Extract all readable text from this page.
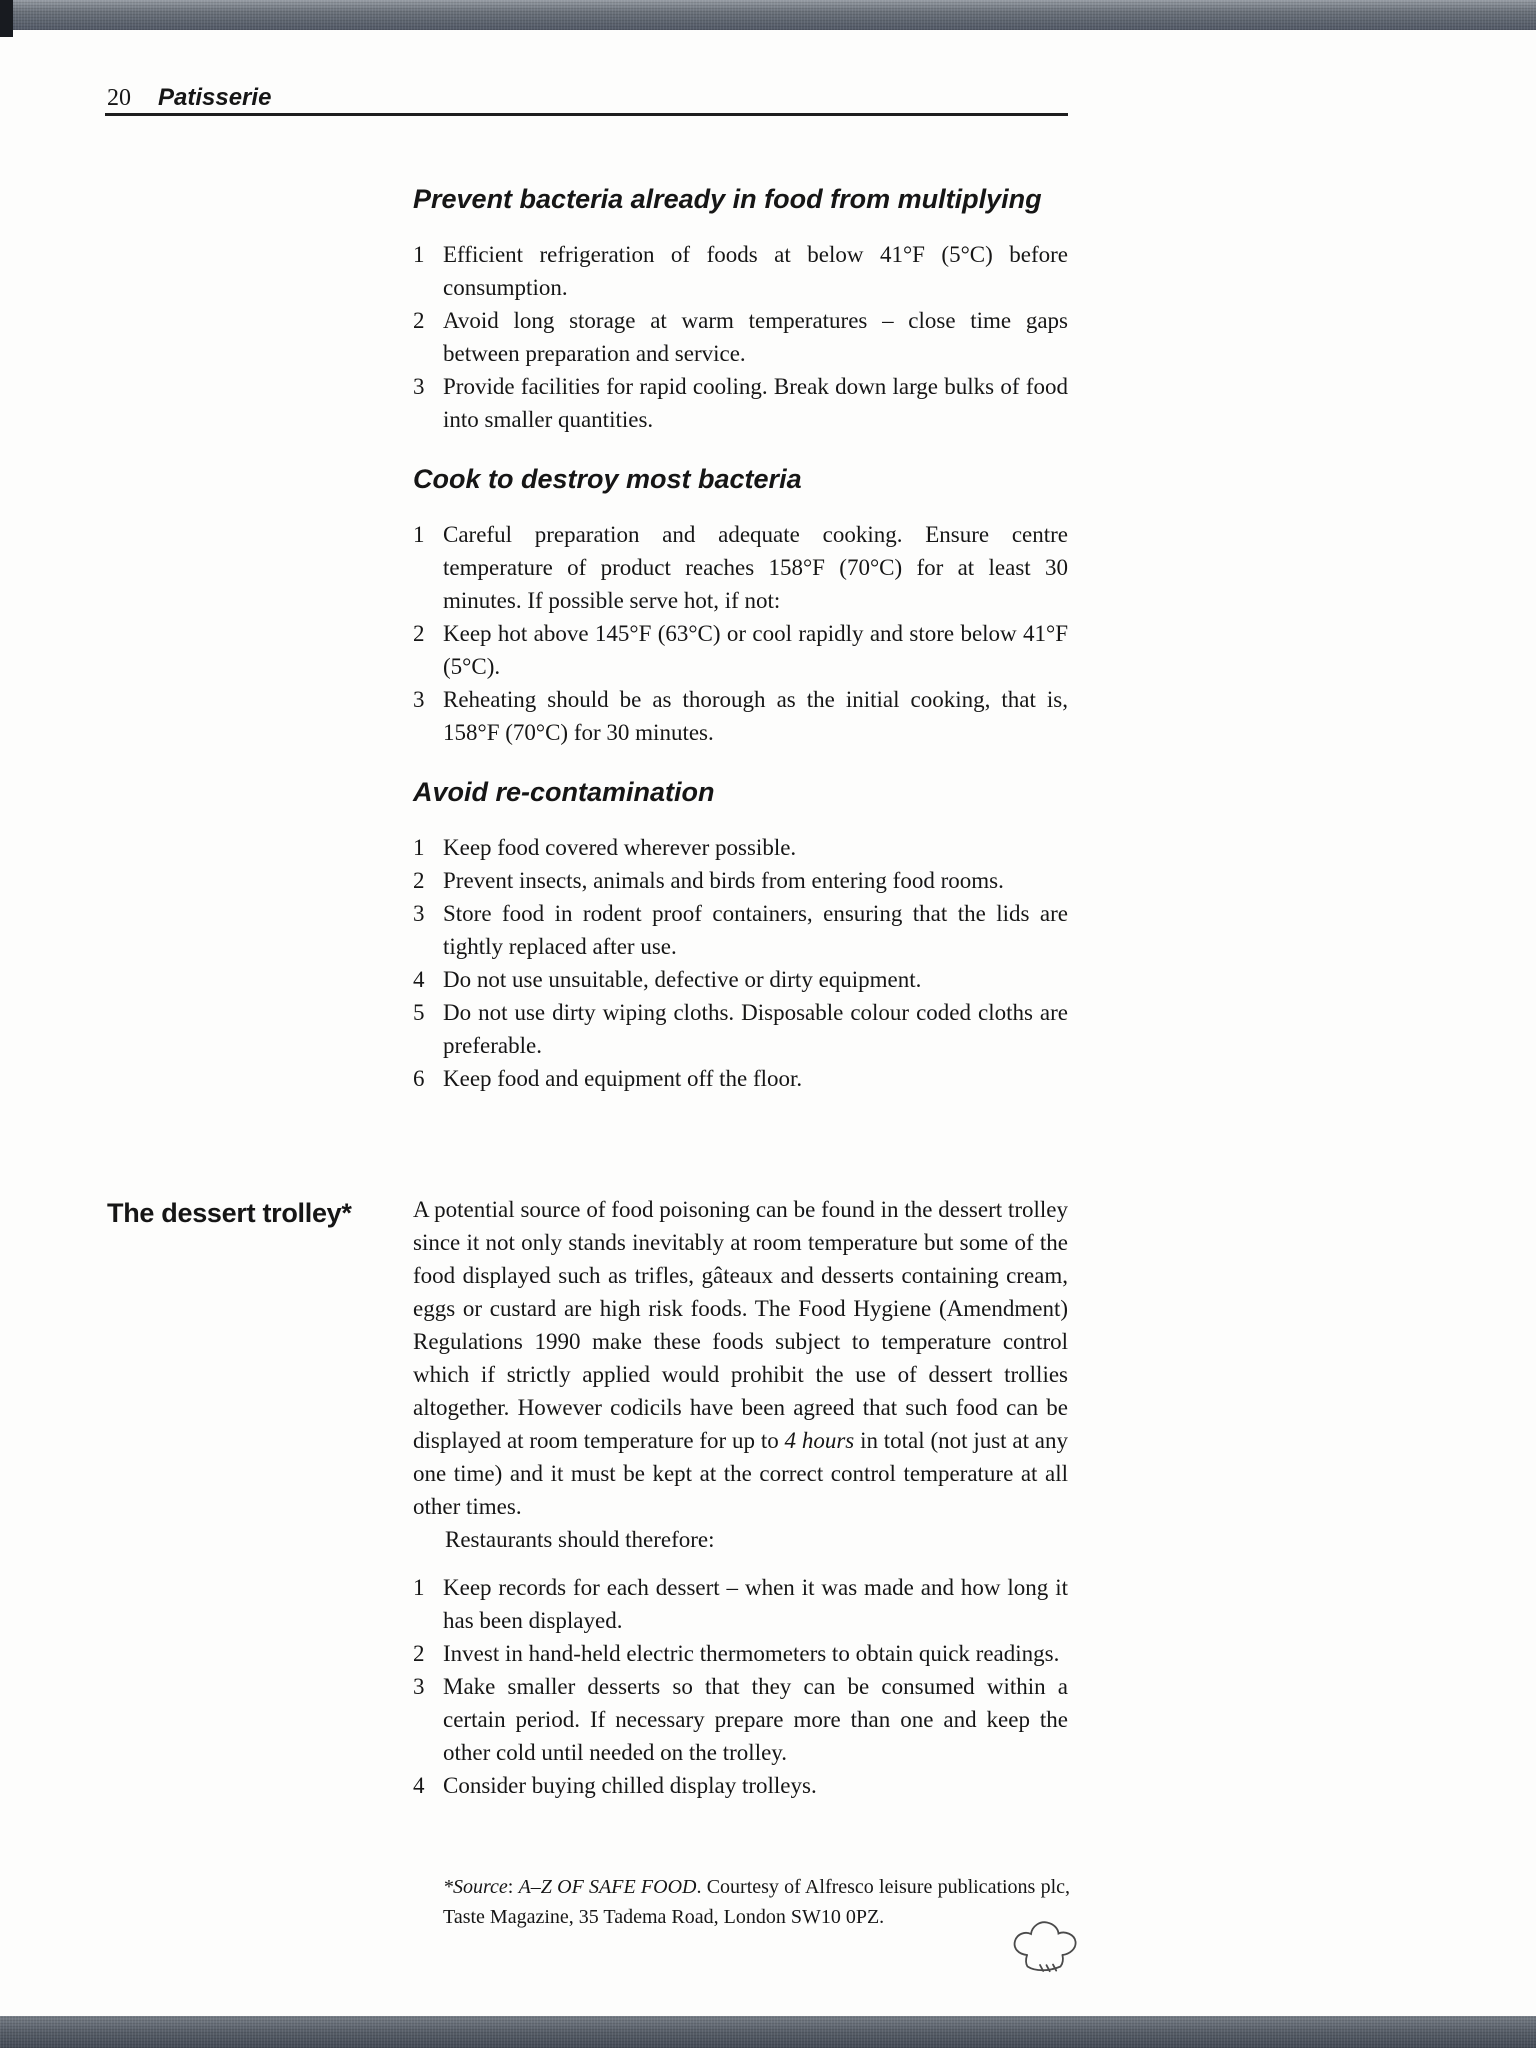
20 Patisserie
Prevent bacteria already in food from multiplying
1 Efficient refrigeration of foods at below 41°F (5°C) before consumption.
2 Avoid long storage at warm temperatures – close time gaps between preparation and service.
3 Provide facilities for rapid cooling. Break down large bulks of food into smaller quantities.
Cook to destroy most bacteria
1 Careful preparation and adequate cooking. Ensure centre temperature of product reaches 158°F (70°C) for at least 30 minutes. If possible serve hot, if not:
2 Keep hot above 145°F (63°C) or cool rapidly and store below 41°F (5°C).
3 Reheating should be as thorough as the initial cooking, that is, 158°F (70°C) for 30 minutes.
Avoid re-contamination
1 Keep food covered wherever possible.
2 Prevent insects, animals and birds from entering food rooms.
3 Store food in rodent proof containers, ensuring that the lids are tightly replaced after use.
4 Do not use unsuitable, defective or dirty equipment.
5 Do not use dirty wiping cloths. Disposable colour coded cloths are preferable.
6 Keep food and equipment off the floor.
The dessert trolley*	A potential source of food poisoning can be found in the dessert trolley since it not only stands inevitably at room temperature but some of the food displayed such as trifles, gâteaux and desserts containing cream, eggs or custard are high risk foods. The Food Hygiene (Amendment) Regulations 1990 make these foods subject to temperature control which if strictly applied would prohibit the use of dessert trollies altogether. However codicils have been agreed that such food can be displayed at room temperature for up to 4 hours in total (not just at any one time) and it must be kept at the correct control temperature at all other times.
Restaurants should therefore:
1 Keep records for each dessert – when it was made and how long it has been displayed.
2 Invest in hand-held electric thermometers to obtain quick readings.
3 Make smaller desserts so that they can be consumed within a certain period. If necessary prepare more than one and keep the other cold until needed on the trolley.
4 Consider buying chilled display trolleys.
*Source: A–Z OF SAFE FOOD. Courtesy of Alfresco leisure publications plc, Taste Magazine, 35 Tadema Road, London SW10 0PZ.
